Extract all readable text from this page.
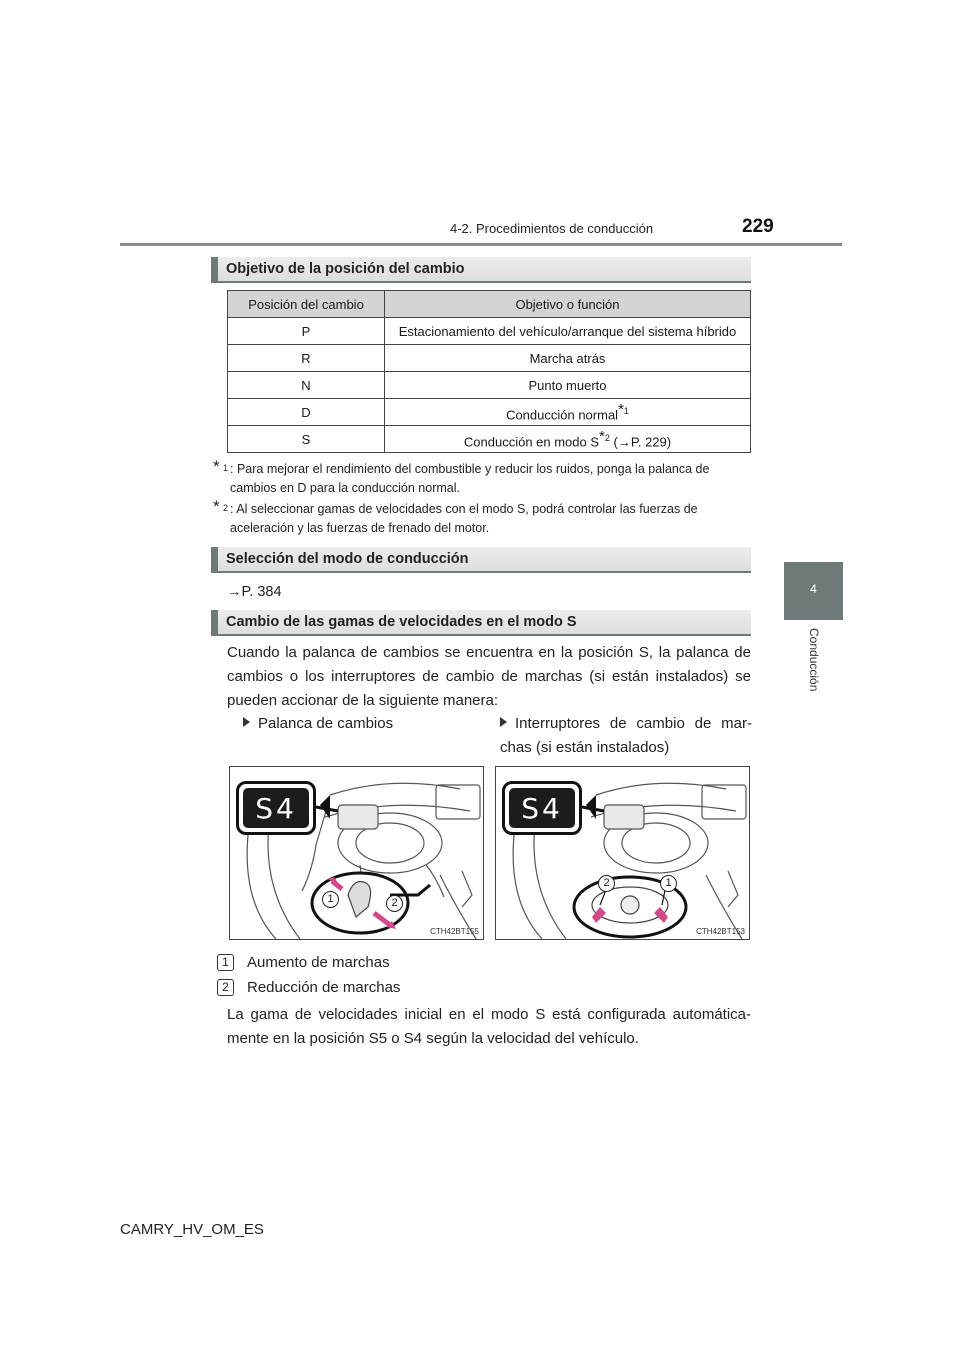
4-2. Procedimientos de conducción	229
4
Conducción
Objetivo de la posición del cambio
Posición del cambio	Objetivo o función
P	Estacionamiento del vehículo/arranque del sistema híbrido
R	Marcha atrás
N	Punto muerto
D	Conducción normal$^{*1}$
S	Conducción en modo $S^{*2}$ (→P. 229)
* 1 : Para mejorar el rendimiento del combustible y reducir los ruidos, ponga la palanca de cambios en D para la conducción normal.
* 2 : Al seleccionar gamas de velocidades con el modo S, podrá controlar las fuerzas de aceleración y las fuerzas de frenado del motor.
Selección del modo de conducción
→P. 384
Cambio de las gamas de velocidades en el modo S
Cuando la palanca de cambios se encuentra en la posición S, la palanca de cambios o los interruptores de cambio de marchas (si están instalados) se pueden accionar de la siguiente manera:
Palanca de cambios	Interruptores de cambio de mar-chas (si están instalados)
S4
1	2
CTH42BT155
S4
2	1
CTH42BT153
1 Aumento de marchas
2 Reducción de marchas
La gama de velocidades inicial en el modo S está configurada automática-mente en la posición S5 o S4 según la velocidad del vehículo.
CAMRY_HV_OM_ES
